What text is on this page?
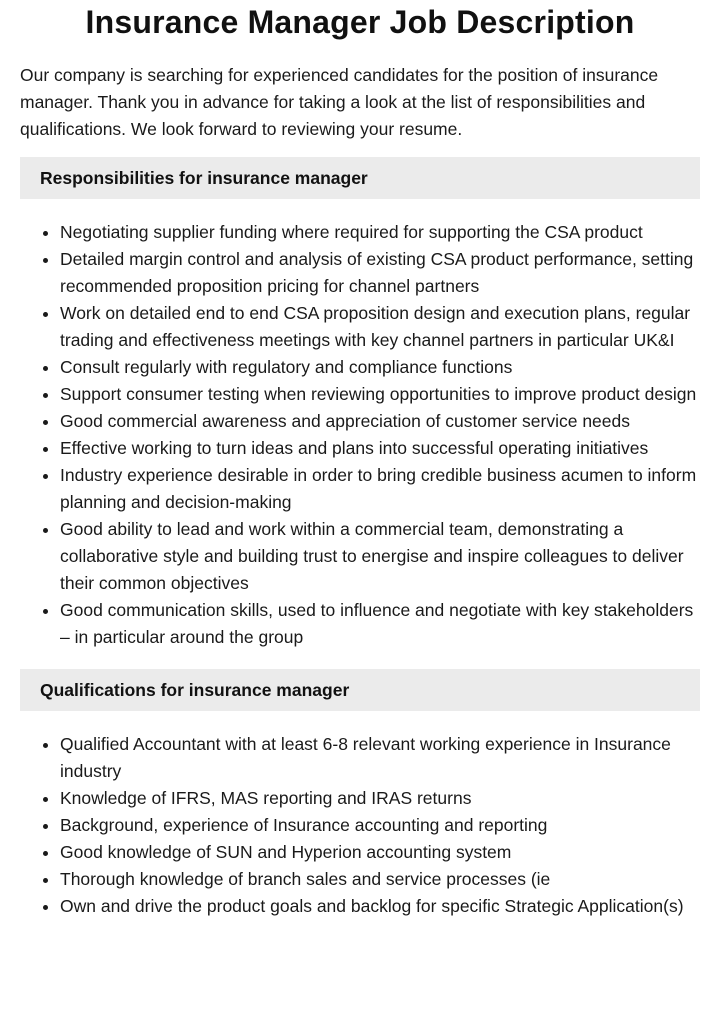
Insurance Manager Job Description

Our company is searching for experienced candidates for the position of insurance manager. Thank you in advance for taking a look at the list of responsibilities and qualifications. We look forward to reviewing your resume.

Responsibilities for insurance manager
• Negotiating supplier funding where required for supporting the CSA product
• Detailed margin control and analysis of existing CSA product performance, setting recommended proposition pricing for channel partners
• Work on detailed end to end CSA proposition design and execution plans, regular trading and effectiveness meetings with key channel partners in particular UK&I
• Consult regularly with regulatory and compliance functions
• Support consumer testing when reviewing opportunities to improve product design
• Good commercial awareness and appreciation of customer service needs
• Effective working to turn ideas and plans into successful operating initiatives
• Industry experience desirable in order to bring credible business acumen to inform planning and decision-making
• Good ability to lead and work within a commercial team, demonstrating a collaborative style and building trust to energise and inspire colleagues to deliver their common objectives
• Good communication skills, used to influence and negotiate with key stakeholders – in particular around the group
Qualifications for insurance manager
• Qualified Accountant with at least 6-8 relevant working experience in Insurance industry
• Knowledge of IFRS, MAS reporting and IRAS returns
• Background, experience of Insurance accounting and reporting
• Good knowledge of SUN and Hyperion accounting system
• Thorough knowledge of branch sales and service processes (ie
• Own and drive the product goals and backlog for specific Strategic Application(s)
